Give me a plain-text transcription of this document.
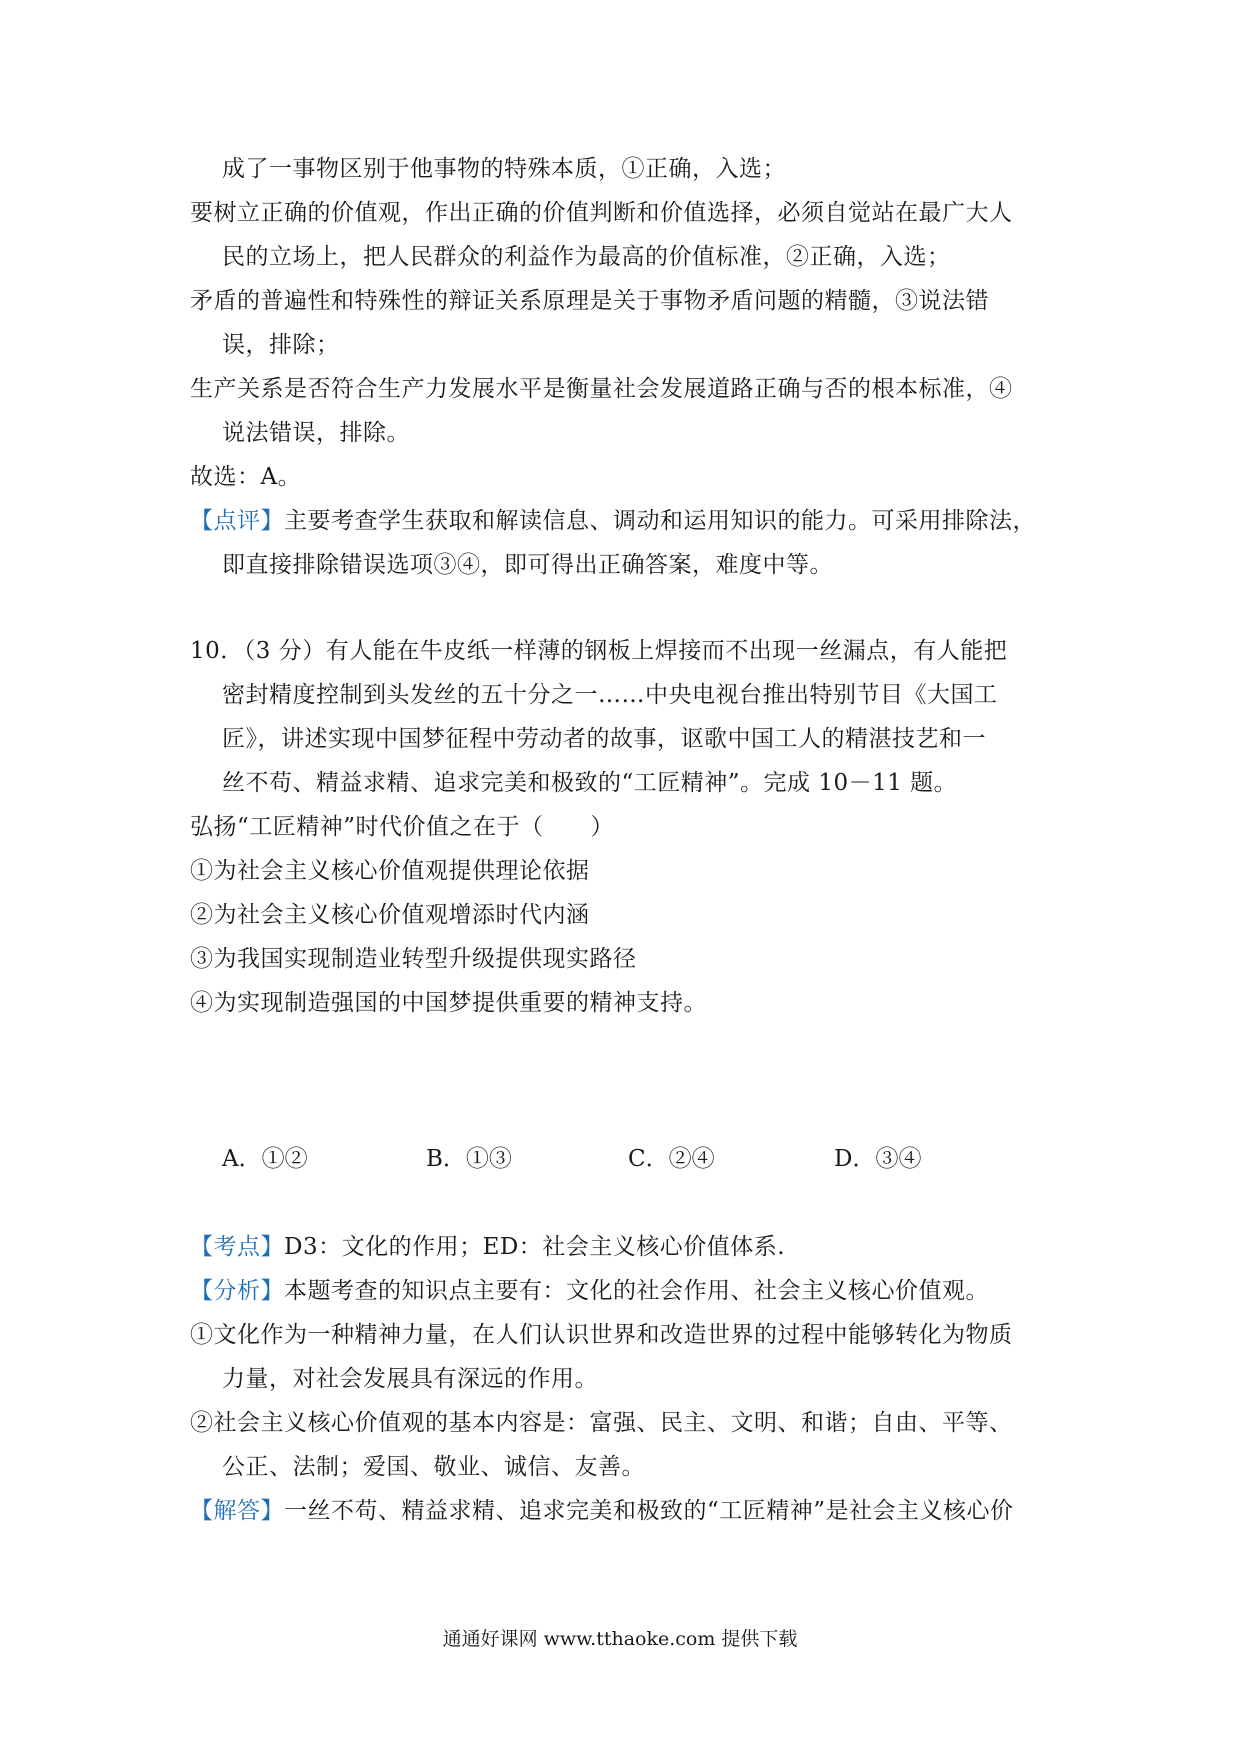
成了一事物区别于他事物的特殊本质，①正确，入选；
要树立正确的价值观，作出正确的价值判断和价值选择，必须自觉站在最广大人
民的立场上，把人民群众的利益作为最高的价值标准，②正确，入选；
矛盾的普遍性和特殊性的辩证关系原理是关于事物矛盾问题的精髓，③说法错
误，排除；
生产关系是否符合生产力发展水平是衡量社会发展道路正确与否的根本标准，④
说法错误，排除。
故选：A。
【点评】主要考查学生获取和解读信息、调动和运用知识的能力。可采用排除法，
即直接排除错误选项③④，即可得出正确答案，难度中等。
10．（3 分）有人能在牛皮纸一样薄的钢板上焊接而不出现一丝漏点，有人能把
密封精度控制到头发丝的五十分之一……中央电视台推出特别节目《大国工
匠》，讲述实现中国梦征程中劳动者的故事，讴歌中国工人的精湛技艺和一
丝不苟、精益求精、追求完美和极致的“工匠精神”。完成 10－11 题。
弘扬“工匠精神”时代价值之在于（　　）
①为社会主义核心价值观提供理论依据
②为社会主义核心价值观增添时代内涵
③为我国实现制造业转型升级提供现实路径
④为实现制造强国的中国梦提供重要的精神支持。
A．①②	B．①③	C．②④	D．③④
【考点】D3：文化的作用；ED：社会主义核心价值体系.
【分析】本题考查的知识点主要有：文化的社会作用、社会主义核心价值观。
①文化作为一种精神力量，在人们认识世界和改造世界的过程中能够转化为物质
力量，对社会发展具有深远的作用。
②社会主义核心价值观的基本内容是：富强、民主、文明、和谐；自由、平等、
公正、法制；爱国、敬业、诚信、友善。
【解答】一丝不苟、精益求精、追求完美和极致的“工匠精神”是社会主义核心价
通通好课网 www.tthaoke.com 提供下载
